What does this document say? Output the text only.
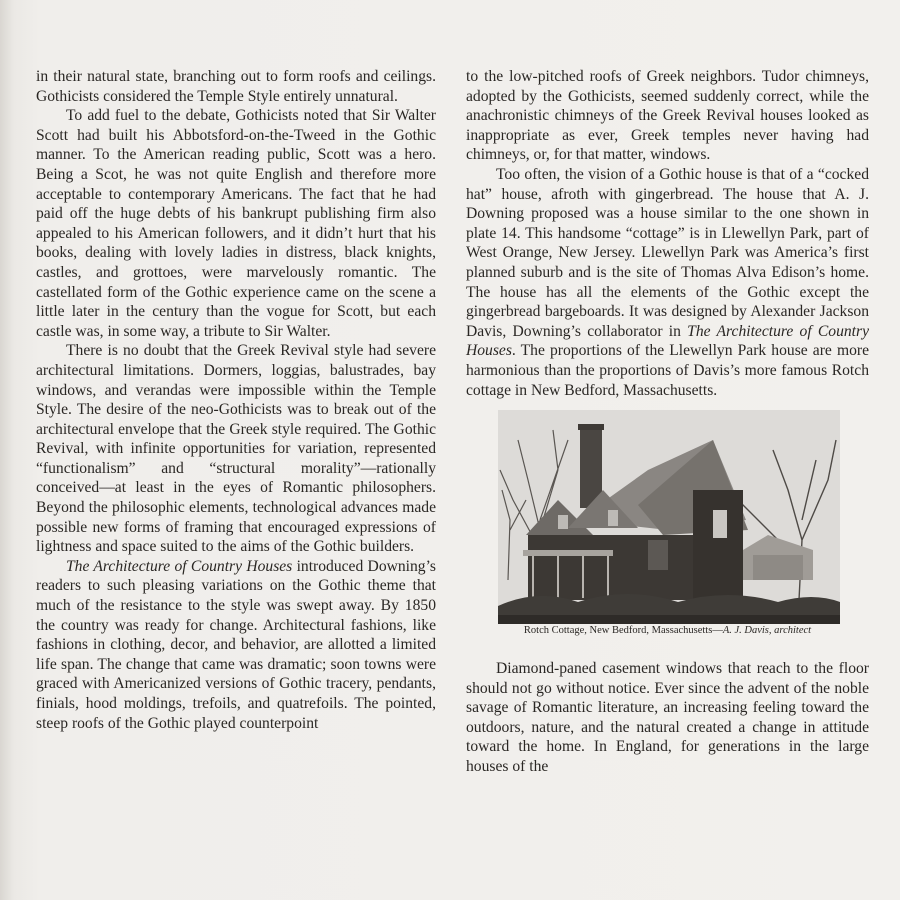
in their natural state, branching out to form roofs and ceilings. Gothicists considered the Temple Style entirely unnatural.

To add fuel to the debate, Gothicists noted that Sir Walter Scott had built his Abbotsford-on-the-Tweed in the Gothic manner. To the American reading public, Scott was a hero. Being a Scot, he was not quite English and therefore more acceptable to contemporary Americans. The fact that he had paid off the huge debts of his bankrupt publishing firm also appealed to his American followers, and it didn’t hurt that his books, dealing with lovely ladies in distress, black knights, castles, and grottoes, were marvelously romantic. The castellated form of the Gothic experience came on the scene a little later in the century than the vogue for Scott, but each castle was, in some way, a tribute to Sir Walter.

There is no doubt that the Greek Revival style had severe architectural limitations. Dormers, loggias, balustrades, bay windows, and verandas were impossible within the Temple Style. The desire of the neo-Gothicists was to break out of the architectural envelope that the Greek style required. The Gothic Revival, with infinite opportunities for variation, represented “functionalism” and “structural morality”—rationally conceived—at least in the eyes of Romantic philosophers. Beyond the philosophic elements, technological advances made possible new forms of framing that encouraged expressions of lightness and space suited to the aims of the Gothic builders.

The Architecture of Country Houses introduced Downing’s readers to such pleasing variations on the Gothic theme that much of the resistance to the style was swept away. By 1850 the country was ready for change. Architectural fashions, like fashions in clothing, decor, and behavior, are allotted a limited life span. The change that came was dramatic; soon towns were graced with Americanized versions of Gothic tracery, pendants, finials, hood moldings, trefoils, and quatrefoils. The pointed, steep roofs of the Gothic played counterpoint

to the low-pitched roofs of Greek neighbors. Tudor chimneys, adopted by the Gothicists, seemed suddenly correct, while the anachronistic chimneys of the Greek Revival houses looked as inappropriate as ever, Greek temples never having had chimneys, or, for that matter, windows.

Too often, the vision of a Gothic house is that of a “cocked hat” house, afroth with gingerbread. The house that A. J. Downing proposed was a house similar to the one shown in plate 14. This handsome “cottage” is in Llewellyn Park, part of West Orange, New Jersey. Llewellyn Park was America’s first planned suburb and is the site of Thomas Alva Edison’s home. The house has all the elements of the Gothic except the gingerbread bargeboards. It was designed by Alexander Jackson Davis, Downing’s collaborator in The Architecture of Country Houses. The proportions of the Llewellyn Park house are more harmonious than the proportions of Davis’s more famous Rotch cottage in New Bedford, Massachusetts.

Rotch Cottage, New Bedford, Massachusetts—A. J. Davis, architect

Diamond-paned casement windows that reach to the floor should not go without notice. Ever since the advent of the noble savage of Romantic literature, an increasing feeling toward the outdoors, nature, and the natural created a change in attitude toward the home. In England, for generations in the large houses of the
